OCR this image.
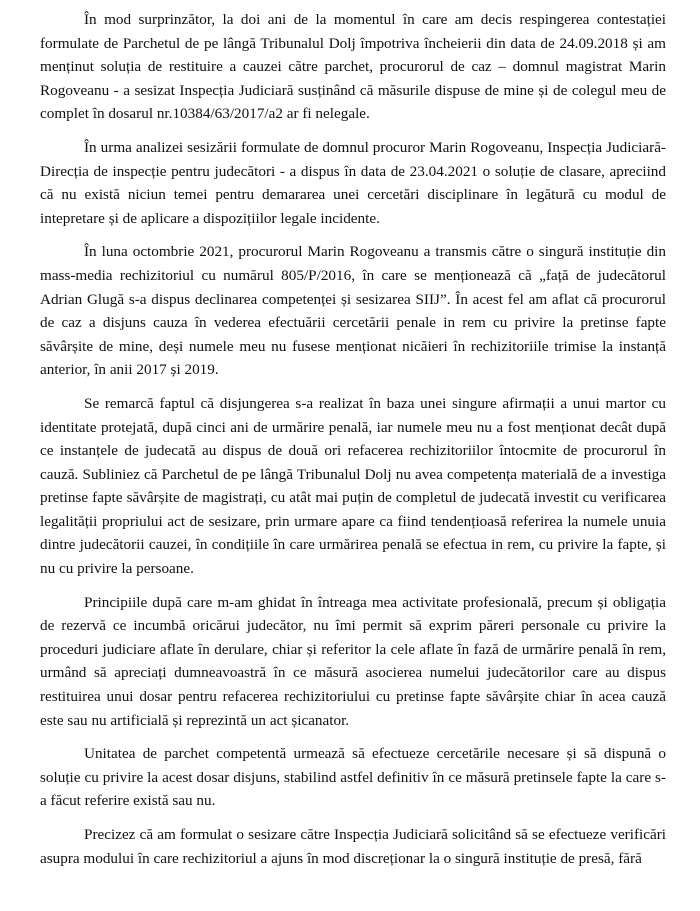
În mod surprinzător, la doi ani de la momentul în care am decis respingerea contestației formulate de Parchetul de pe lângă Tribunalul Dolj împotriva încheierii din data de 24.09.2018 și am menținut soluția de restituire a cauzei către parchet, procurorul de caz – domnul magistrat Marin Rogoveanu - a sesizat Inspecția Judiciară susținând că măsurile dispuse de mine și de colegul meu de complet în dosarul nr.10384/63/2017/a2 ar fi nelegale.

În urma analizei sesizării formulate de domnul procuror Marin Rogoveanu, Inspecția Judiciară-Direcția de inspecție pentru judecători - a dispus în data de 23.04.2021 o soluție de clasare, apreciind că nu există niciun temei pentru demararea unei cercetări disciplinare în legătură cu modul de intepretare și de aplicare a dispozițiilor legale incidente.

În luna octombrie 2021, procurorul Marin Rogoveanu a transmis către o singură instituție din mass-media rechizitoriul cu numărul 805/P/2016, în care se menționează că „față de judecătorul Adrian Glugă s-a dispus declinarea competenței și sesizarea SIIJ”. În acest fel am aflat că procurorul de caz a disjuns cauza în vederea efectuării cercetării penale in rem cu privire la pretinse fapte săvârșite de mine, deși numele meu nu fusese menționat nicăieri în rechizitoriile trimise la instanță anterior, în anii 2017 și 2019.

Se remarcă faptul că disjungerea s-a realizat în baza unei singure afirmații a unui martor cu identitate protejată, după cinci ani de urmărire penală, iar numele meu nu a fost menționat decât după ce instanțele de judecată au dispus de două ori refacerea rechizitoriilor întocmite de procurorul în cauză. Subliniez că Parchetul de pe lângă Tribunalul Dolj nu avea competența materială de a investiga pretinse fapte săvârșite de magistrați, cu atât mai puțin de completul de judecată investit cu verificarea legalității propriului act de sesizare, prin urmare apare ca fiind tendențioasă referirea la numele unuia dintre judecătorii cauzei, în condițiile în care urmărirea penală se efectua in rem, cu privire la fapte, și nu cu privire la persoane.

Principiile după care m-am ghidat în întreaga mea activitate profesională, precum și obligația de rezervă ce incumbă oricărui judecător, nu îmi permit să exprim păreri personale cu privire la proceduri judiciare aflate în derulare, chiar și referitor la cele aflate în fază de urmărire penală în rem, urmând să apreciați dumneavoastră în ce măsură asocierea numelui judecătorilor care au dispus restituirea unui dosar pentru refacerea rechizitoriului cu pretinse fapte săvârșite chiar în acea cauză este sau nu artificială și reprezintă un act șicanator.

Unitatea de parchet competentă urmează să efectueze cercetările necesare și să dispună o soluție cu privire la acest dosar disjuns, stabilind astfel definitiv în ce măsură pretinsele fapte la care s-a făcut referire există sau nu.

Precizez că am formulat o sesizare către Inspecția Judiciară solicitând să se efectueze verificări asupra modului în care rechizitoriul a ajuns în mod discreționar la o singură instituție de presă, fără
